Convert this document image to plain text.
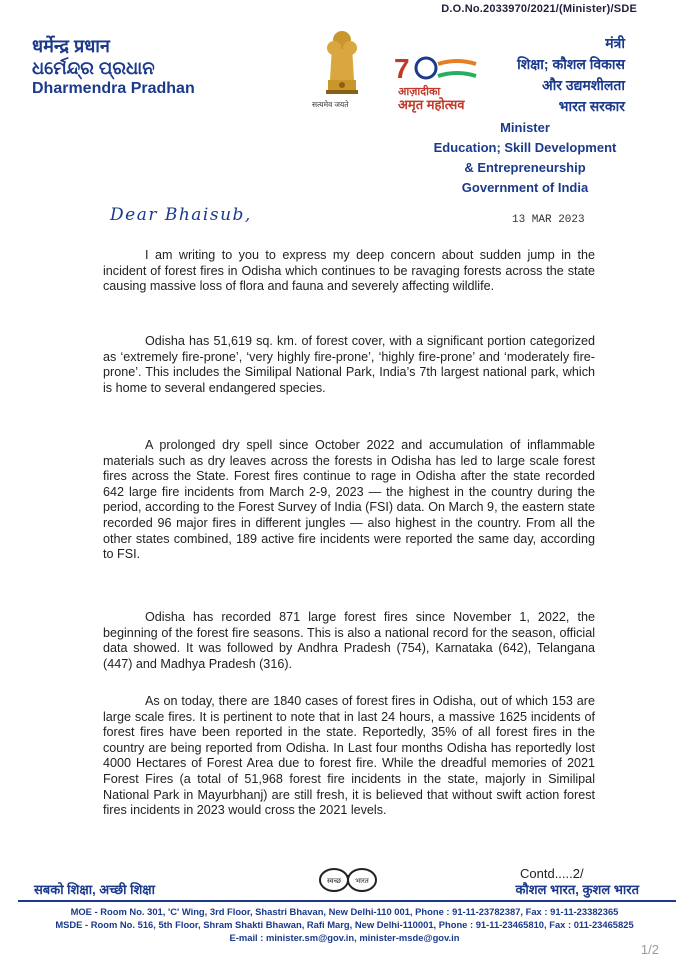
D.O.No.2033970/2021/(Minister)/SDE
धर्मेन्द्र प्रधान
ଧର୍ମେନ୍ଦ୍ର ପ୍ରଧାନ
Dharmendra Pradhan
सत्यमेव जयते
7
आज़ादीका
अमृत महोत्सव
मंत्री
शिक्षा; कौशल विकास
और उद्यमशीलता
भारत सरकार
Minister
Education; Skill Development
& Entrepreneurship
Government of India
Dear Bhaisub,	13 MAR 2023

I am writing to you to express my deep concern about sudden jump in the incident of forest fires in Odisha which continues to be ravaging forests across the state causing massive loss of flora and fauna and severely affecting wildlife.

Odisha has 51,619 sq. km. of forest cover, with a significant portion categorized as ‘extremely fire-prone’, ‘very highly fire-prone’, ‘highly fire-prone’ and ‘moderately fire-prone’. This includes the Similipal National Park, India’s 7th largest national park, which is home to several endangered species.

A prolonged dry spell since October 2022 and accumulation of inflammable materials such as dry leaves across the forests in Odisha has led to large scale forest fires across the State. Forest fires continue to rage in Odisha after the state recorded 642 large fire incidents from March 2-9, 2023 — the highest in the country during the period, according to the Forest Survey of India (FSI) data. On March 9, the eastern state recorded 96 major fires in different jungles — also highest in the country. From all the other states combined, 189 active fire incidents were reported the same day, according to FSI.

Odisha has recorded 871 large forest fires since November 1, 2022, the beginning of the forest fire seasons. This is also a national record for the season, official data showed. It was followed by Andhra Pradesh (754), Karnataka (642), Telangana (447) and Madhya Pradesh (316).

As on today, there are 1840 cases of forest fires in Odisha, out of which 153 are large scale fires. It is pertinent to note that in last 24 hours, a massive 1625 incidents of forest fires have been reported in the state. Reportedly, 35% of all forest fires in the country are being reported from Odisha. In Last four months Odisha has reportedly lost 4000 Hectares of Forest Area due to forest fire. While the dreadful memories of 2021 Forest Fires (a total of 51,968 forest fire incidents in the state, majorly in Similipal National Park in Mayurbhanj) are still fresh, it is believed that without swift action forest fires incidents in 2023 would cross the 2021 levels.

Contd.....2/
सबको शिक्षा, अच्छी शिक्षा
स्वच्छ भारत
कौशल भारत, कुशल भारत
MOE - Room No. 301, 'C' Wing, 3rd Floor, Shastri Bhavan, New Delhi-110 001, Phone : 91-11-23782387, Fax : 91-11-23382365
MSDE - Room No. 516, 5th Floor, Shram Shakti Bhawan, Rafi Marg, New Delhi-110001, Phone : 91-11-23465810, Fax : 011-23465825
E-mail : minister.sm@gov.in, minister-msde@gov.in
1/2
